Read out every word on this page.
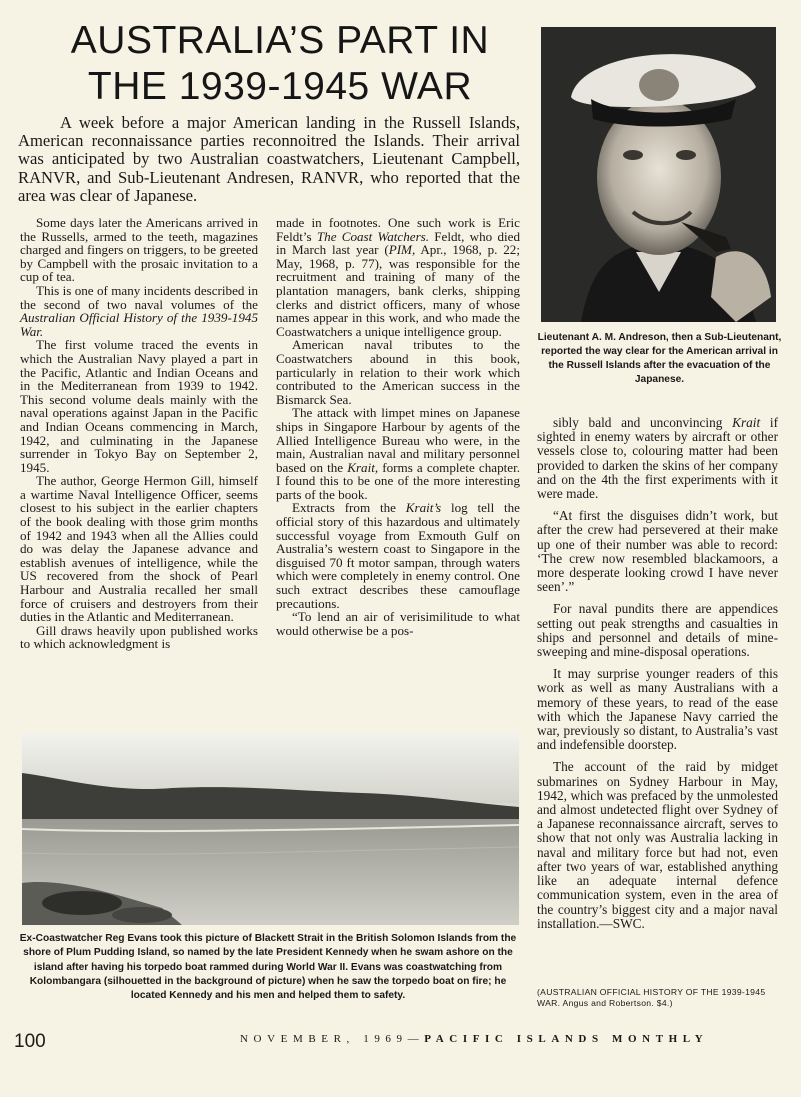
AUSTRALIA’S PART IN
THE 1939-1945 WAR
A week before a major American landing in the Russell Islands, American reconnaissance parties reconnoitred the Islands. Their arrival was anticipated by two Australian coastwatchers, Lieutenant Campbell, RANVR, and Sub-Lieutenant Andresen, RANVR, who reported that the area was clear of Japanese.

Some days later the Americans arrived in the Russells, armed to the teeth, magazines charged and fingers on triggers, to be greeted by Campbell with the prosaic invitation to a cup of tea.

This is one of many incidents described in the second of two naval volumes of the Australian Official History of the 1939-1945 War.

The first volume traced the events in which the Australian Navy played a part in the Pacific, Atlantic and Indian Oceans and in the Mediterranean from 1939 to 1942. This second volume deals mainly with the naval operations against Japan in the Pacific and Indian Oceans commencing in March, 1942, and culminating in the Japanese surrender in Tokyo Bay on September 2, 1945.

The author, George Hermon Gill, himself a wartime Naval Intelligence Officer, seems closest to his subject in the earlier chapters of the book dealing with those grim months of 1942 and 1943 when all the Allies could do was delay the Japanese advance and establish avenues of intelligence, while the US recovered from the shock of Pearl Harbour and Australia recalled her small force of cruisers and destroyers from their duties in the Atlantic and Mediterranean.

Gill draws heavily upon published works to which acknowledgment is

made in footnotes. One such work is Eric Feldt’s The Coast Watchers. Feldt, who died in March last year (PIM, Apr., 1968, p. 22; May, 1968, p. 77), was responsible for the recruitment and training of many of the plantation managers, bank clerks, shipping clerks and district officers, many of whose names appear in this work, and who made the Coastwatchers a unique intelligence group.

American naval tributes to the Coastwatchers abound in this book, particularly in relation to their work which contributed to the American success in the Bismarck Sea.

The attack with limpet mines on Japanese ships in Singapore Harbour by agents of the Allied Intelligence Bureau who were, in the main, Australian naval and military personnel based on the Krait, forms a complete chapter. I found this to be one of the more interesting parts of the book.

Extracts from the Krait’s log tell the official story of this hazardous and ultimately successful voyage from Exmouth Gulf on Australia’s western coast to Singapore in the disguised 70 ft motor sampan, through waters which were completely in enemy control. One such extract describes these camouflage precautions.

“To lend an air of verisimilitude to what would otherwise be a pos-

Lieutenant A. M. Andreson, then a Sub-Lieutenant, reported the way clear for the American arrival in the Russell Islands after the evacuation of the Japanese.

sibly bald and unconvincing Krait if sighted in enemy waters by aircraft or other vessels close to, colouring matter had been provided to darken the skins of her company and on the 4th the first experiments with it were made.

“At first the disguises didn’t work, but after the crew had persevered at their make up one of their number was able to record: ‘The crew now resembled blackamoors, a more desperate looking crowd I have never seen’.”

For naval pundits there are appendices setting out peak strengths and casualties in ships and personnel and details of mine-sweeping and mine-disposal operations.

It may surprise younger readers of this work as well as many Australians with a memory of these years, to read of the ease with which the Japanese Navy carried the war, previously so distant, to Australia’s vast and indefensible doorstep.

The account of the raid by midget submarines on Sydney Harbour in May, 1942, which was prefaced by the unmolested and almost undetected flight over Sydney of a Japanese reconnaissance aircraft, serves to show that not only was Australia lacking in naval and military force but had not, even after two years of war, established anything like an adequate internal defence communication system, even in the area of the country’s biggest city and a major naval installation.—SWC.

Ex-Coastwatcher Reg Evans took this picture of Blackett Strait in the British Solomon Islands from the shore of Plum Pudding Island, so named by the late President Kennedy when he swam ashore on the island after having his torpedo boat rammed during World War II. Evans was coastwatching from Kolombangara (silhouetted in the background of picture) when he saw the torpedo boat on fire; he located Kennedy and his men and helped them to safety.	(AUSTRALIAN OFFICIAL HISTORY OF THE 1939-1945 WAR. Angus and Robertson. $4.)
100	NOVEMBER, 1969—PACIFIC ISLANDS MONTHLY
